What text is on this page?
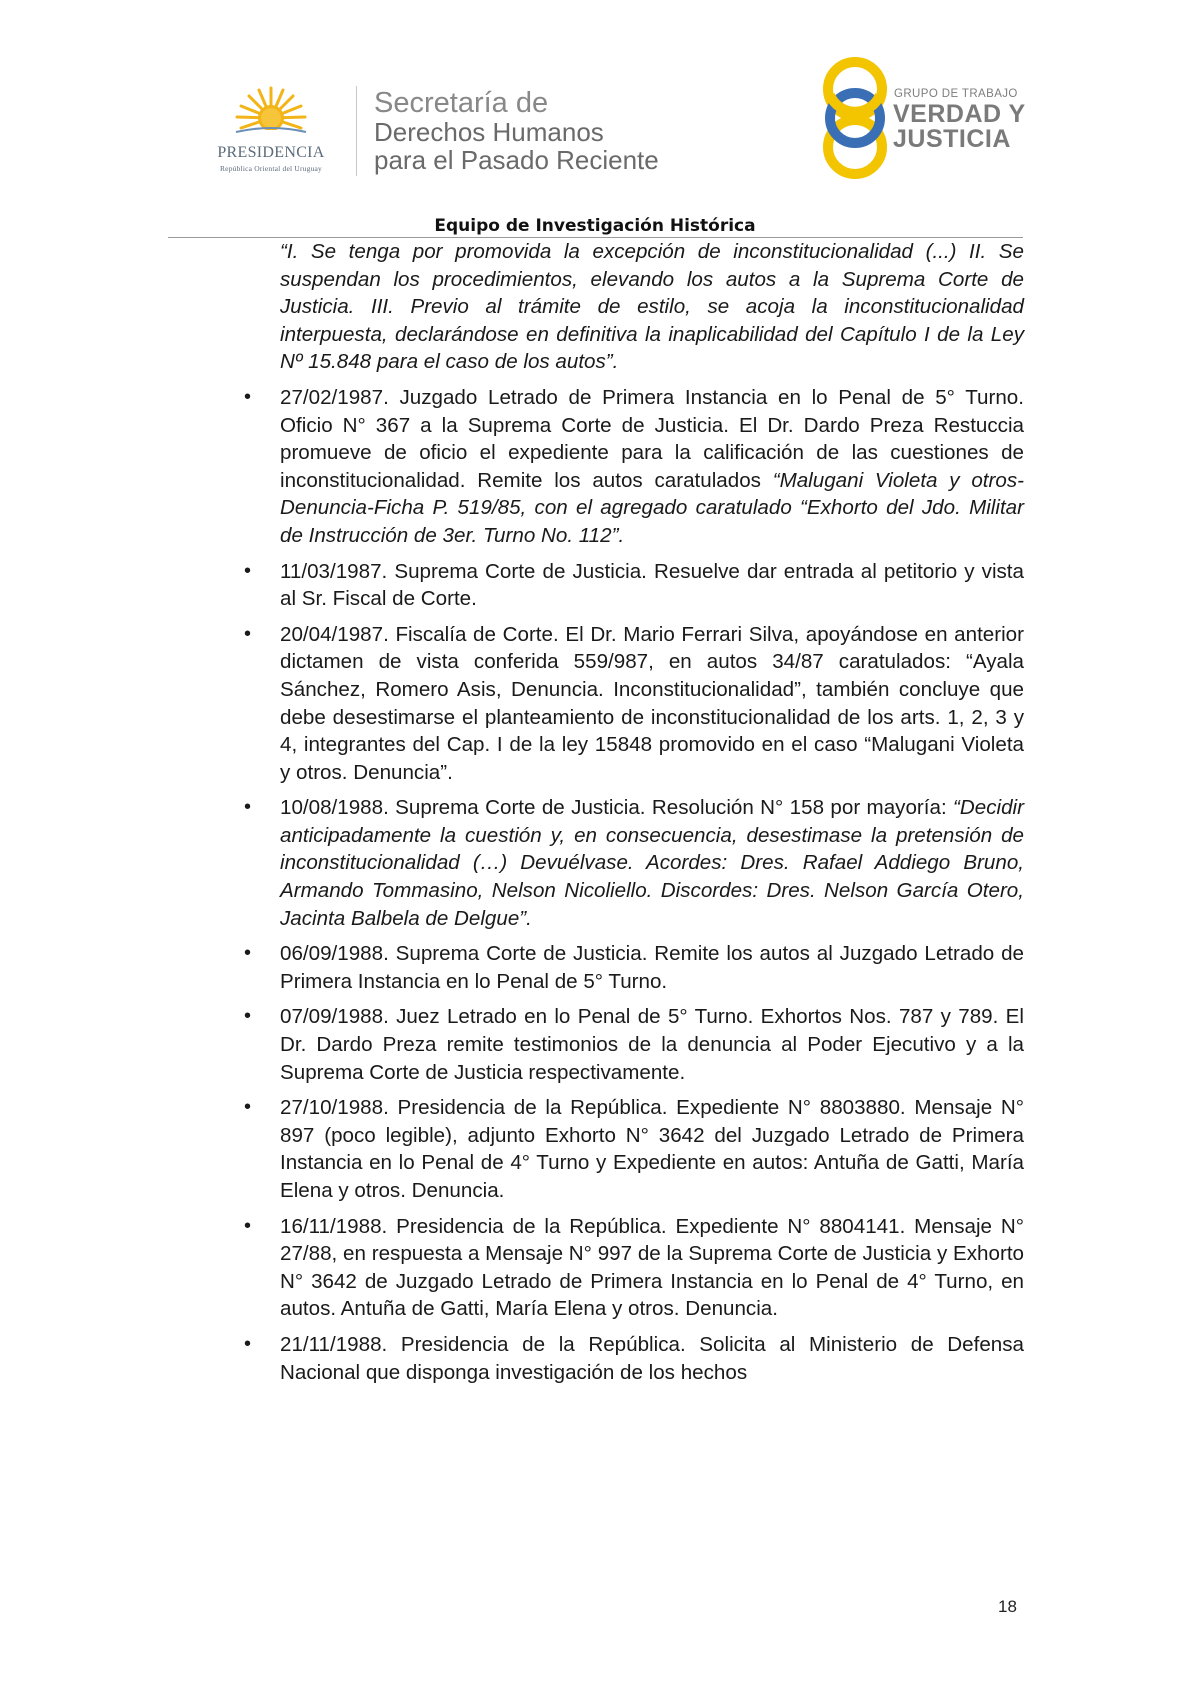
PRESIDENCIA
República Oriental del Uruguay
Secretaría de
Derechos Humanos
para el Pasado Reciente
GRUPO DE TRABAJO
VERDAD Y
JUSTICIA
Equipo de Investigación Histórica

“I. Se tenga por promovida la excepción de inconstitucionalidad (...) II. Se suspendan los procedimientos, elevando los autos a la Suprema Corte de Justicia. III. Previo al trámite de estilo, se acoja la inconstitucionalidad interpuesta, declarándose en definitiva la inaplicabilidad del Capítulo I de la Ley Nº 15.848 para el caso de los autos”.

• 27/02/1987. Juzgado Letrado de Primera Instancia en lo Penal de 5° Turno. Oficio N° 367 a la Suprema Corte de Justicia. El Dr. Dardo Preza Restuccia promueve de oficio el expediente para la calificación de las cuestiones de inconstitucionalidad. Remite los autos caratulados “Malugani Violeta y otros-Denuncia-Ficha P. 519/85, con el agregado caratulado “Exhorto del Jdo. Militar de Instrucción de 3er. Turno No. 112”.
• 11/03/1987. Suprema Corte de Justicia. Resuelve dar entrada al petitorio y vista al Sr. Fiscal de Corte.
• 20/04/1987. Fiscalía de Corte. El Dr. Mario Ferrari Silva, apoyándose en anterior dictamen de vista conferida 559/987, en autos 34/87 caratulados: “Ayala Sánchez, Romero Asis, Denuncia. Inconstitucionalidad”, también concluye que debe desestimarse el planteamiento de inconstitucionalidad de los arts. 1, 2, 3 y 4, integrantes del Cap. I de la ley 15848 promovido en el caso “Malugani Violeta y otros. Denuncia”.
• 10/08/1988. Suprema Corte de Justicia. Resolución N° 158 por mayoría: “Decidir anticipadamente la cuestión y, en consecuencia, desestimase la pretensión de inconstitucionalidad (…) Devuélvase. Acordes: Dres. Rafael Addiego Bruno, Armando Tommasino, Nelson Nicoliello. Discordes: Dres. Nelson García Otero, Jacinta Balbela de Delgue”.
• 06/09/1988. Suprema Corte de Justicia. Remite los autos al Juzgado Letrado de Primera Instancia en lo Penal de 5° Turno.
• 07/09/1988. Juez Letrado en lo Penal de 5° Turno. Exhortos Nos. 787 y 789. El Dr. Dardo Preza remite testimonios de la denuncia al Poder Ejecutivo y a la Suprema Corte de Justicia respectivamente.
• 27/10/1988. Presidencia de la República. Expediente N° 8803880. Mensaje N° 897 (poco legible), adjunto Exhorto N° 3642 del Juzgado Letrado de Primera Instancia en lo Penal de 4° Turno y Expediente en autos: Antuña de Gatti, María Elena y otros. Denuncia.
• 16/11/1988. Presidencia de la República. Expediente N° 8804141. Mensaje N° 27/88, en respuesta a Mensaje N° 997 de la Suprema Corte de Justicia y Exhorto N° 3642 de Juzgado Letrado de Primera Instancia en lo Penal de 4° Turno, en autos. Antuña de Gatti, María Elena y otros. Denuncia.
• 21/11/1988. Presidencia de la República. Solicita al Ministerio de Defensa Nacional que disponga investigación de los hechos
18
